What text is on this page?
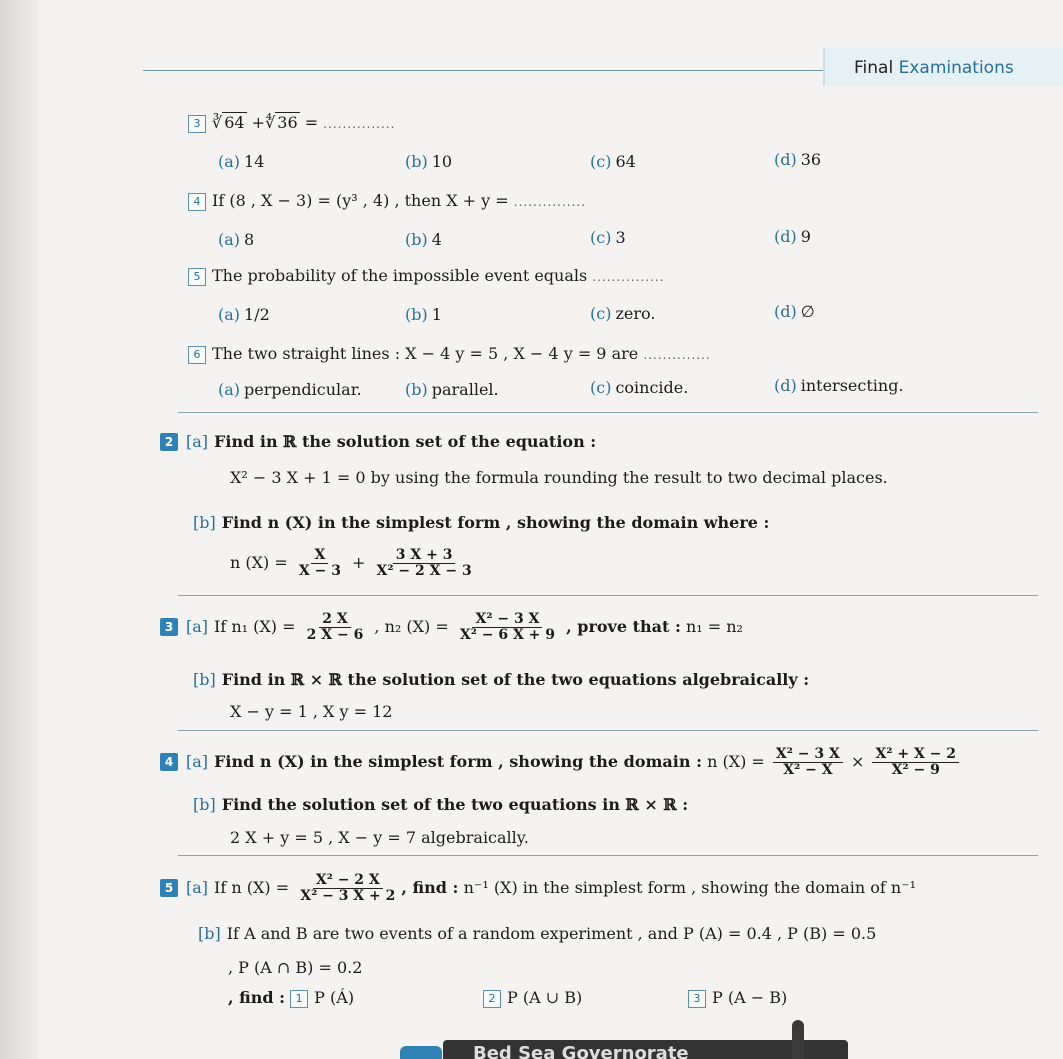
Final Examinations
3 ∛ 64 +∜ 36 = ...............
(a) 14	(b) 10	(c) 64	(d) 36
4 If (8 , X − 3) = (y³ , 4) , then X + y = ...............
(a) 8	(b) 4	(c) 3	(d) 9
5 The probability of the impossible event equals ...............
(a) 1/2	(b) 1	(c) zero.	(d) ∅
6 The two straight lines : X − 4 y = 5 , X − 4 y = 9 are ..............
(a) perpendicular.	(b) parallel.	(c) coincide.	(d) intersecting.
2 [a] Find in ℝ the solution set of the equation :
X² − 3 X + 1 = 0 by using the formula rounding the result to two decimal places.
[b] Find n (X) in the simplest form , showing the domain where :
n $(X) = \frac{X}{X - 3} + \frac{3 X + 3}{\text{X² − 2 X − 3}}$
3 [a] If n₁ $(X) = \frac{2 X}{2 X - 6}$ , n₂ $(X) = \frac{\text{X² − 3 X}}{\text{X² − 6 X + 9}}$ , prove that : n₁ = n₂
[b] Find in ℝ × ℝ the solution set of the two equations algebraically :
X − y = 1 , X y = 12
4 [a] Find n (X) in the simplest form , showing the domain : n $(X) = \frac{\text{X² − 3 X}}{\text{X² − X}} \times \frac{\text{X² + X − 2}}{\text{X² − 9}}$
[b] Find the solution set of the two equations in ℝ × ℝ :
2 X + y = 5 , X − y = 7 algebraically.
5 [a] If n $(X) = \frac{\text{X² − 2 X}}{\text{X² − 3 X + 2}}$ , find : n⁻¹ (X) in the simplest form , showing the domain of n⁻¹
[b] If A and B are two events of a random experiment , and P (A) = 0.4 , P (B) = 0.5
, P (A ∩ B) = 0.2
, find : 1 P (Á)	2 P (A ∪ B)	3 P (A − B)
Bed Sea Governorate
